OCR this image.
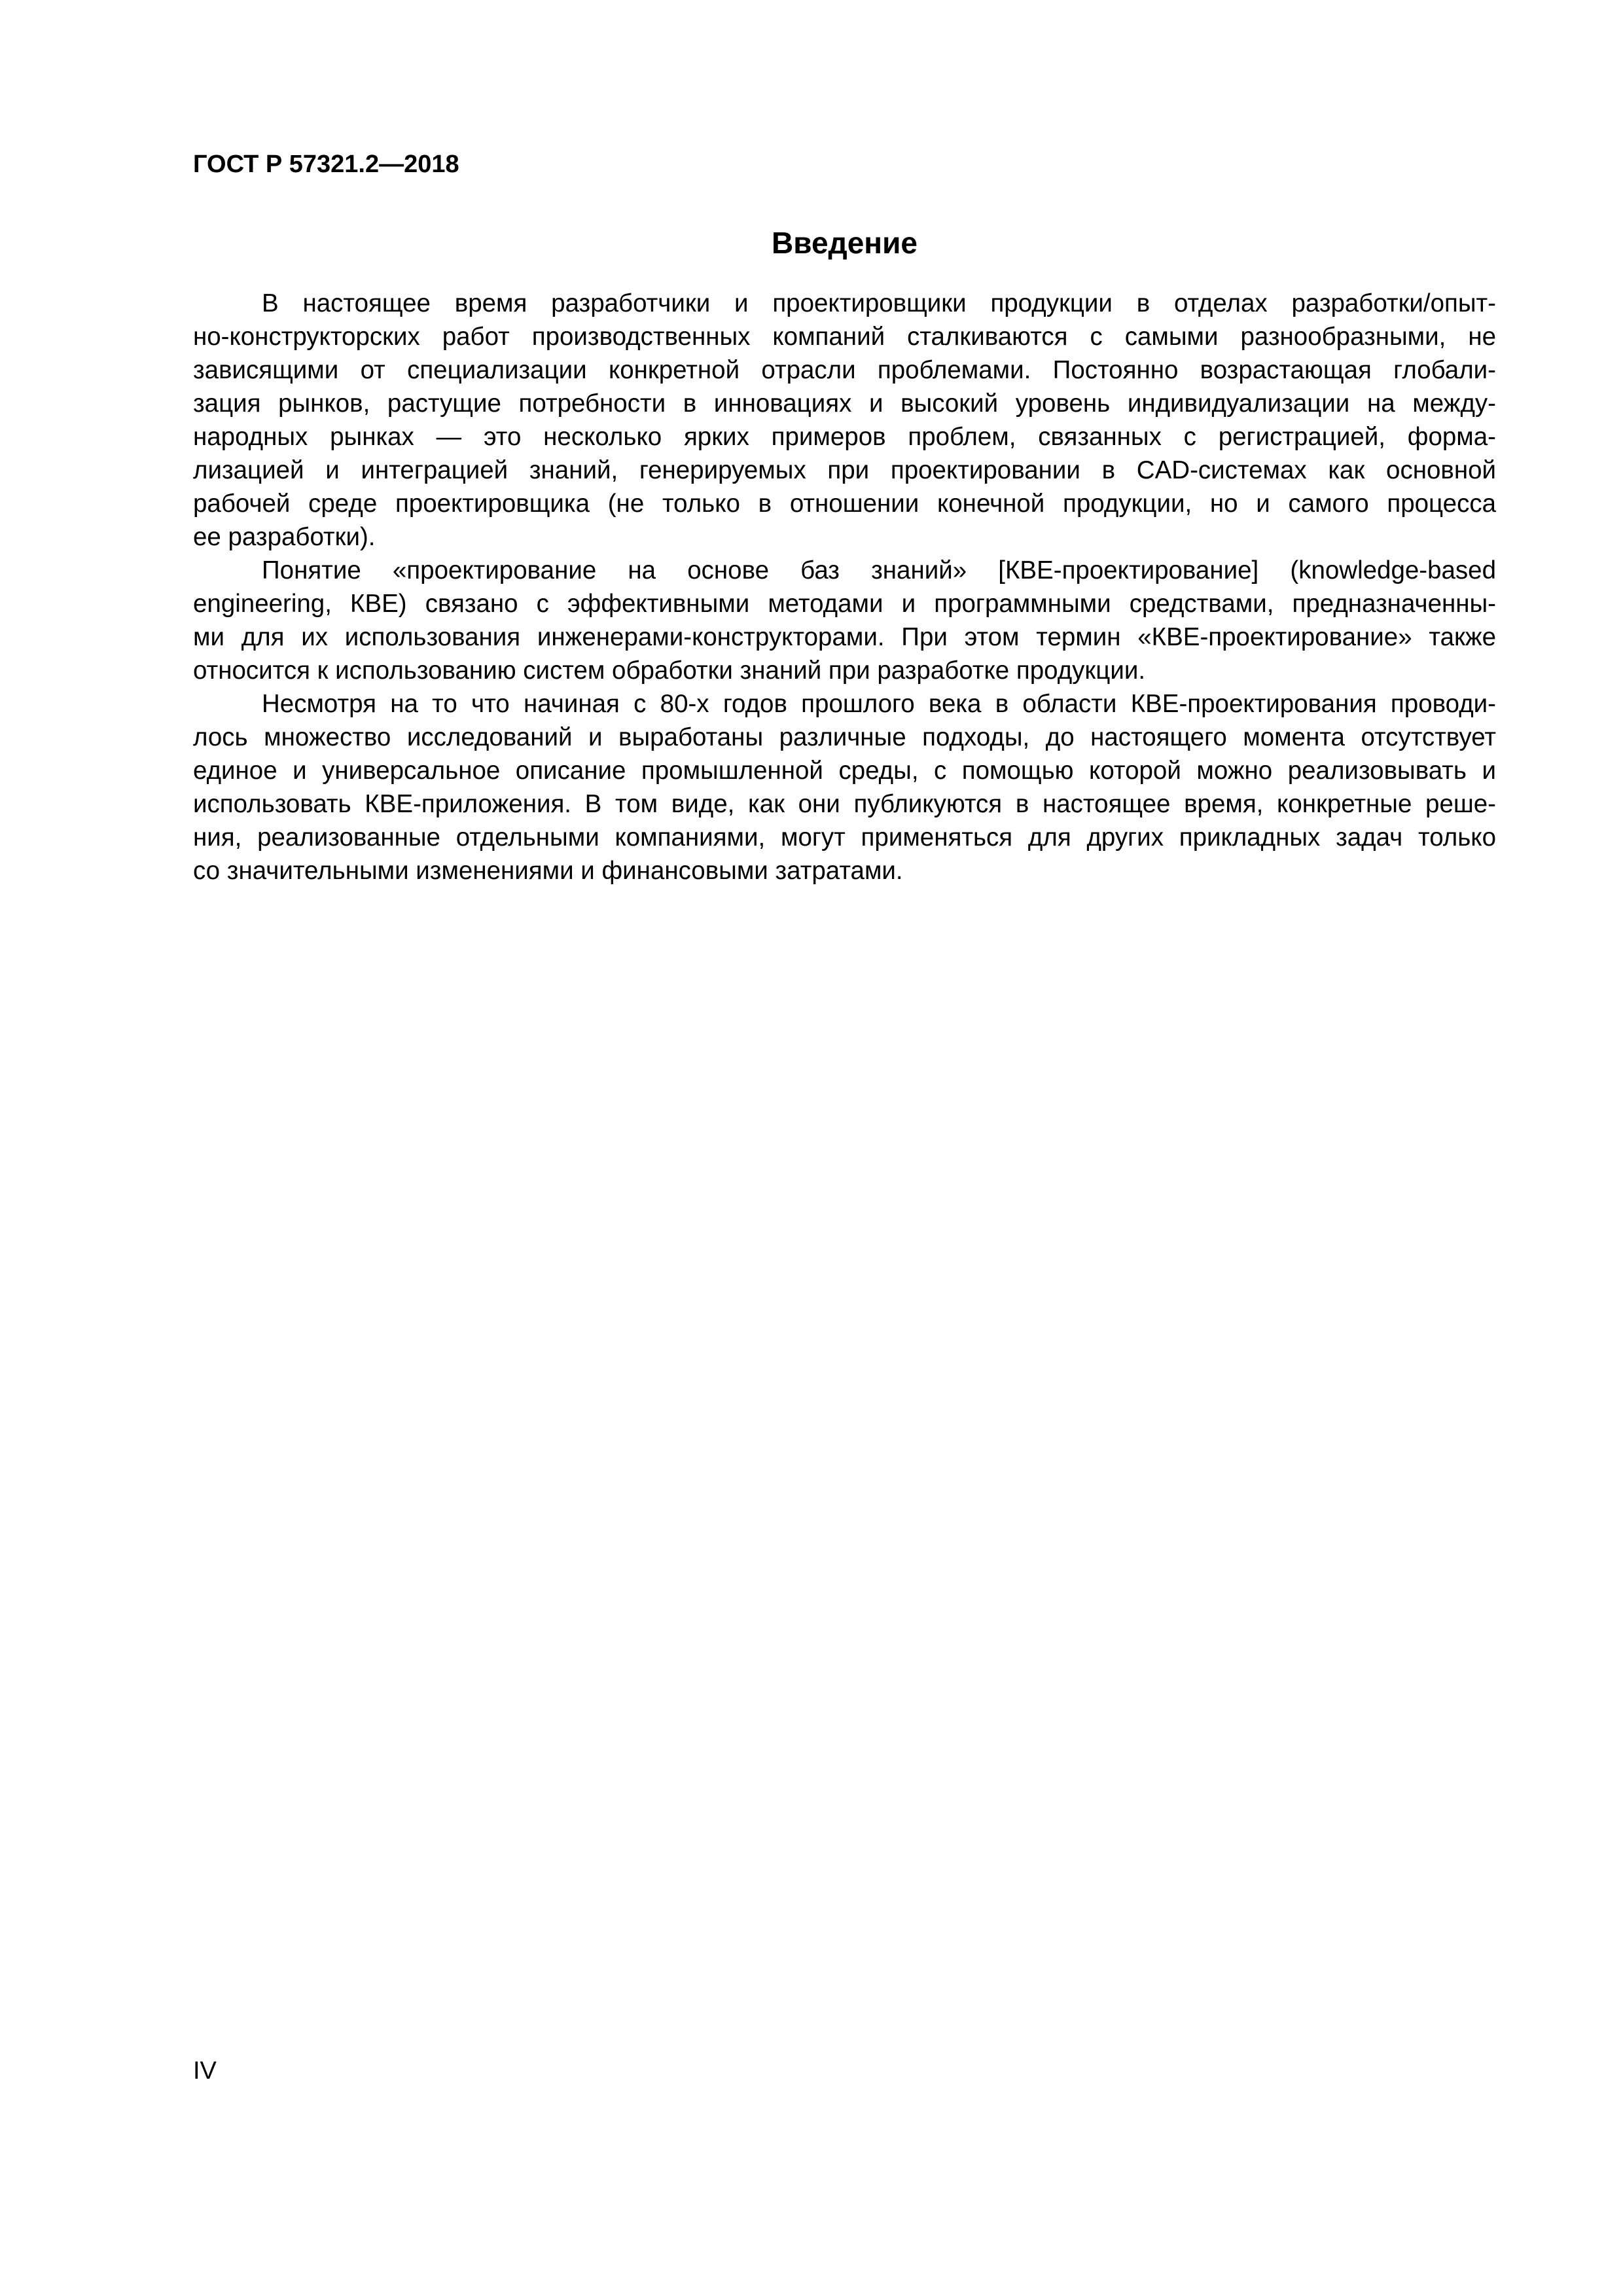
ГОСТ Р 57321.2—2018
Введение

В настоящее время разработчики и проектировщики продукции в отделах разработки/опыт-
но-конструкторских работ производственных компаний сталкиваются с самыми разнообразными, не
зависящими от специализации конкретной отрасли проблемами. Постоянно возрастающая глобали-
зация рынков, растущие потребности в инновациях и высокий уровень индивидуализации на между-
народных рынках — это несколько ярких примеров проблем, связанных с регистрацией, форма-
лизацией и интеграцией знаний, генерируемых при проектировании в CAD-системах как основной
рабочей среде проектировщика (не только в отношении конечной продукции, но и самого процесса
ее разработки).

Понятие «проектирование на основе баз знаний» [КВЕ-проектирование] (knowledge-based
engineering, КВЕ) связано с эффективными методами и программными средствами, предназначенны-
ми для их использования инженерами-конструкторами. При этом термин «КВЕ-проектирование» также
относится к использованию систем обработки знаний при разработке продукции.

Несмотря на то что начиная с 80-х годов прошлого века в области КВЕ-проектирования проводи-
лось множество исследований и выработаны различные подходы, до настоящего момента отсутствует
единое и универсальное описание промышленной среды, с помощью которой можно реализовывать и
использовать КВЕ-приложения. В том виде, как они публикуются в настоящее время, конкретные реше-
ния, реализованные отдельными компаниями, могут применяться для других прикладных задач только
со значительными изменениями и финансовыми затратами.

IV
